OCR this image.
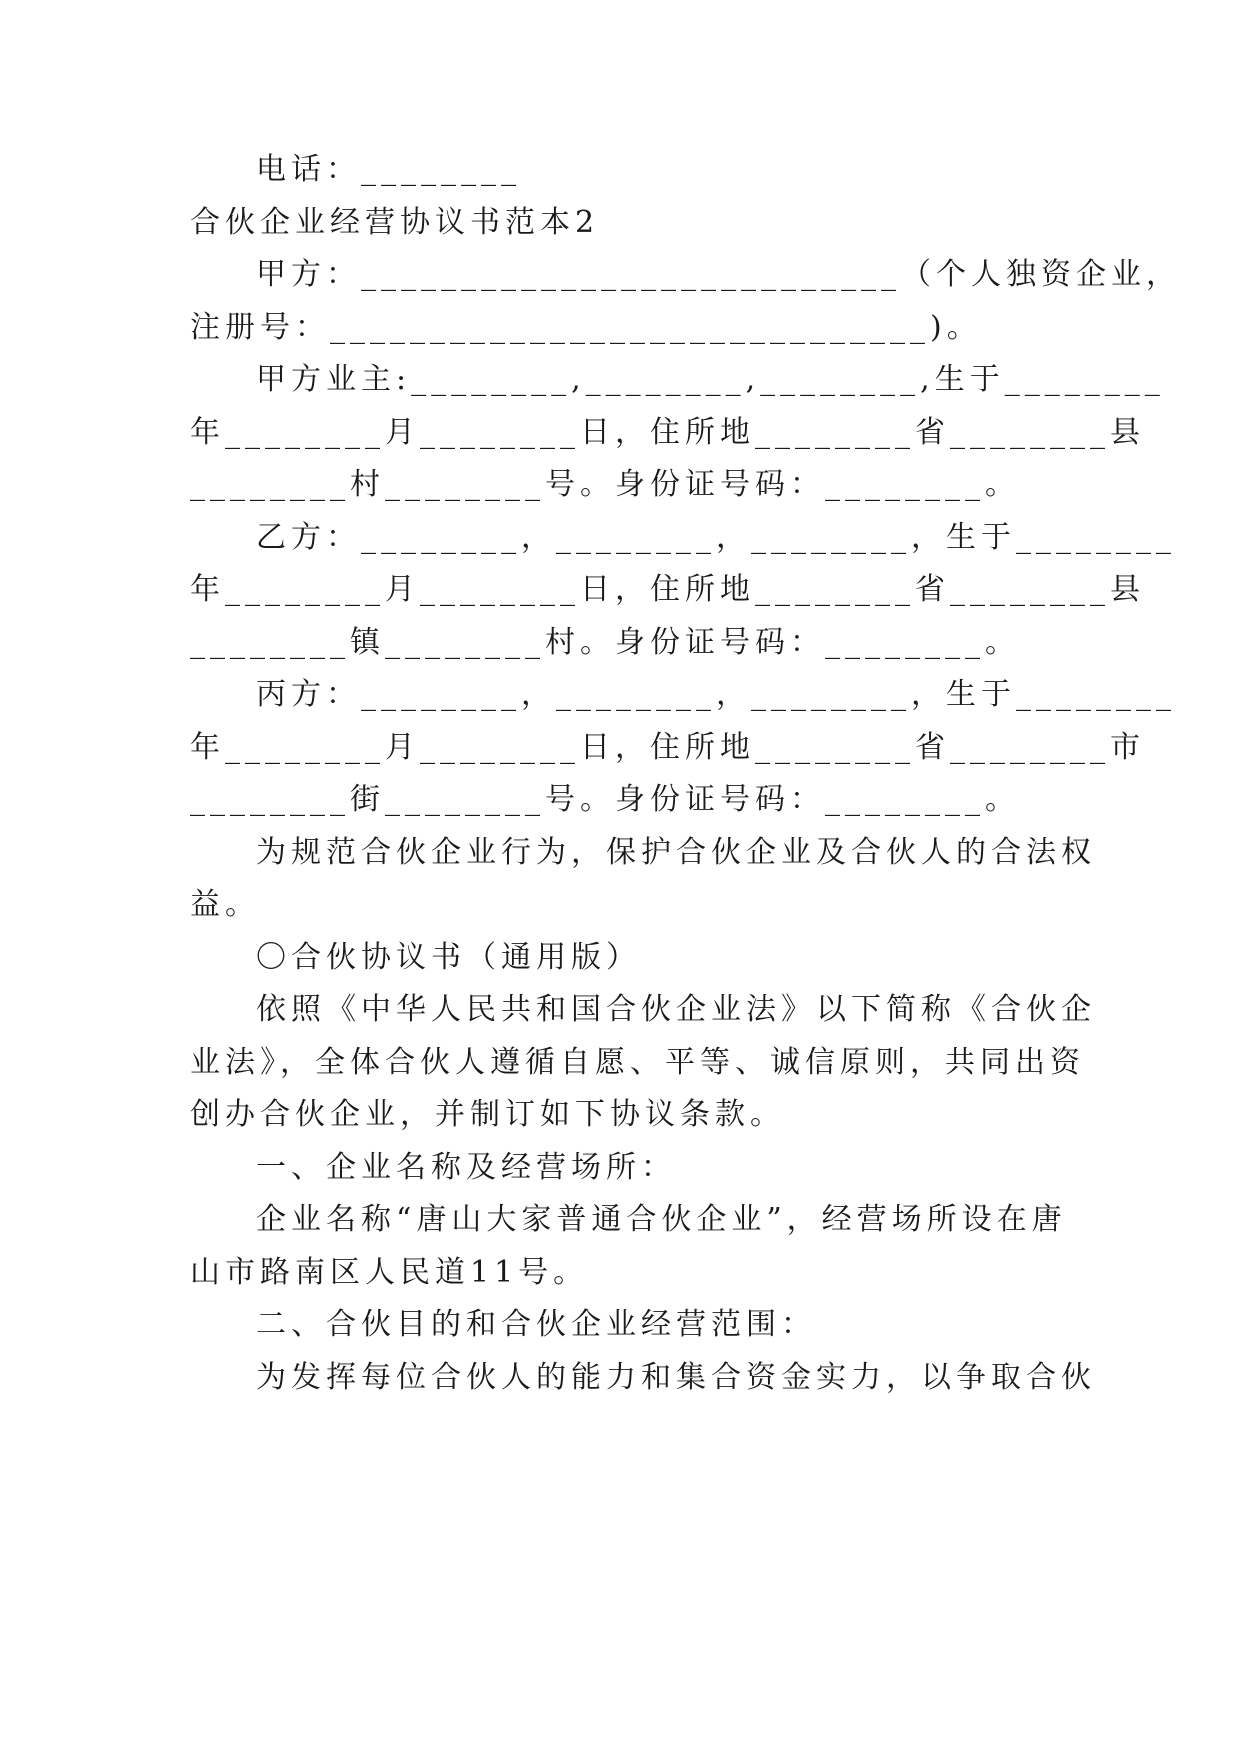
电话：________
合伙企业经营协议书范本2
甲方：___________________________（个人独资企业，
注册号：______________________________)。
甲方业主:________,________,________,生于________
年________月________日，住所地________省________县
________村________号。身份证号码：________。
乙方：________，________，________，生于________
年________月________日，住所地________省________县
________镇________村。身份证号码：________。
丙方：________，________，________，生于________
年________月________日，住所地________省________市
________街________号。身份证号码：________。
为规范合伙企业行为，保护合伙企业及合伙人的合法权
益。
〇合伙协议书（通用版）
依照《中华人民共和国合伙企业法》以下简称《合伙企
业法》，全体合伙人遵循自愿、平等、诚信原则，共同出资
创办合伙企业，并制订如下协议条款。
一、企业名称及经营场所：
企业名称“唐山大家普通合伙企业”，经营场所设在唐
山市路南区人民道11号。
二、合伙目的和合伙企业经营范围：
为发挥每位合伙人的能力和集合资金实力，以争取合伙
